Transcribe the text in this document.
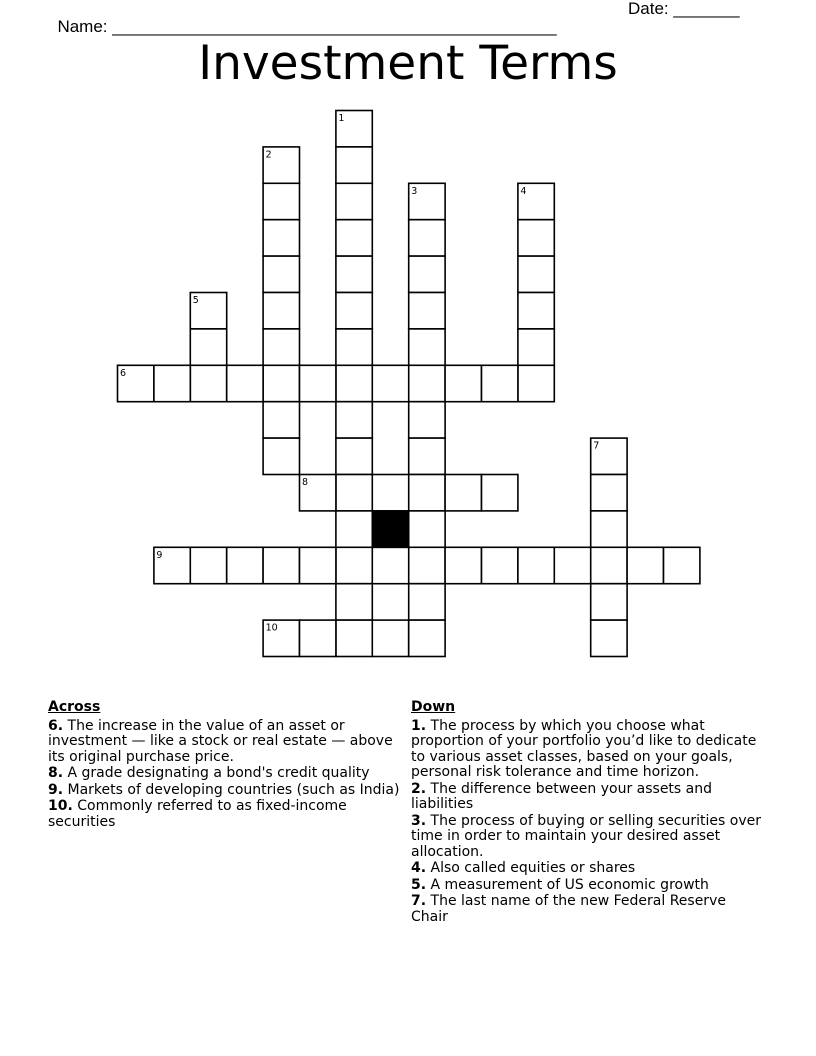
Name: _______________________________________________

Date: _______

Investment Terms
1
2
3	4
5
6
7
8
9
10
Across
6. The increase in the value of an asset or investment — like a stock or real estate — above its original purchase price.
8. A grade designating a bond's credit quality
9. Markets of developing countries (such as India)
10. Commonly referred to as fixed-income securities
Down
1. The process by which you choose what proportion of your portfolio you’d like to dedicate to various asset classes, based on your goals, personal risk tolerance and time horizon.
2. The difference between your assets and liabilities
3. The process of buying or selling securities over time in order to maintain your desired asset allocation.
4. Also called equities or shares
5. A measurement of US economic growth
7. The last name of the new Federal Reserve Chair
